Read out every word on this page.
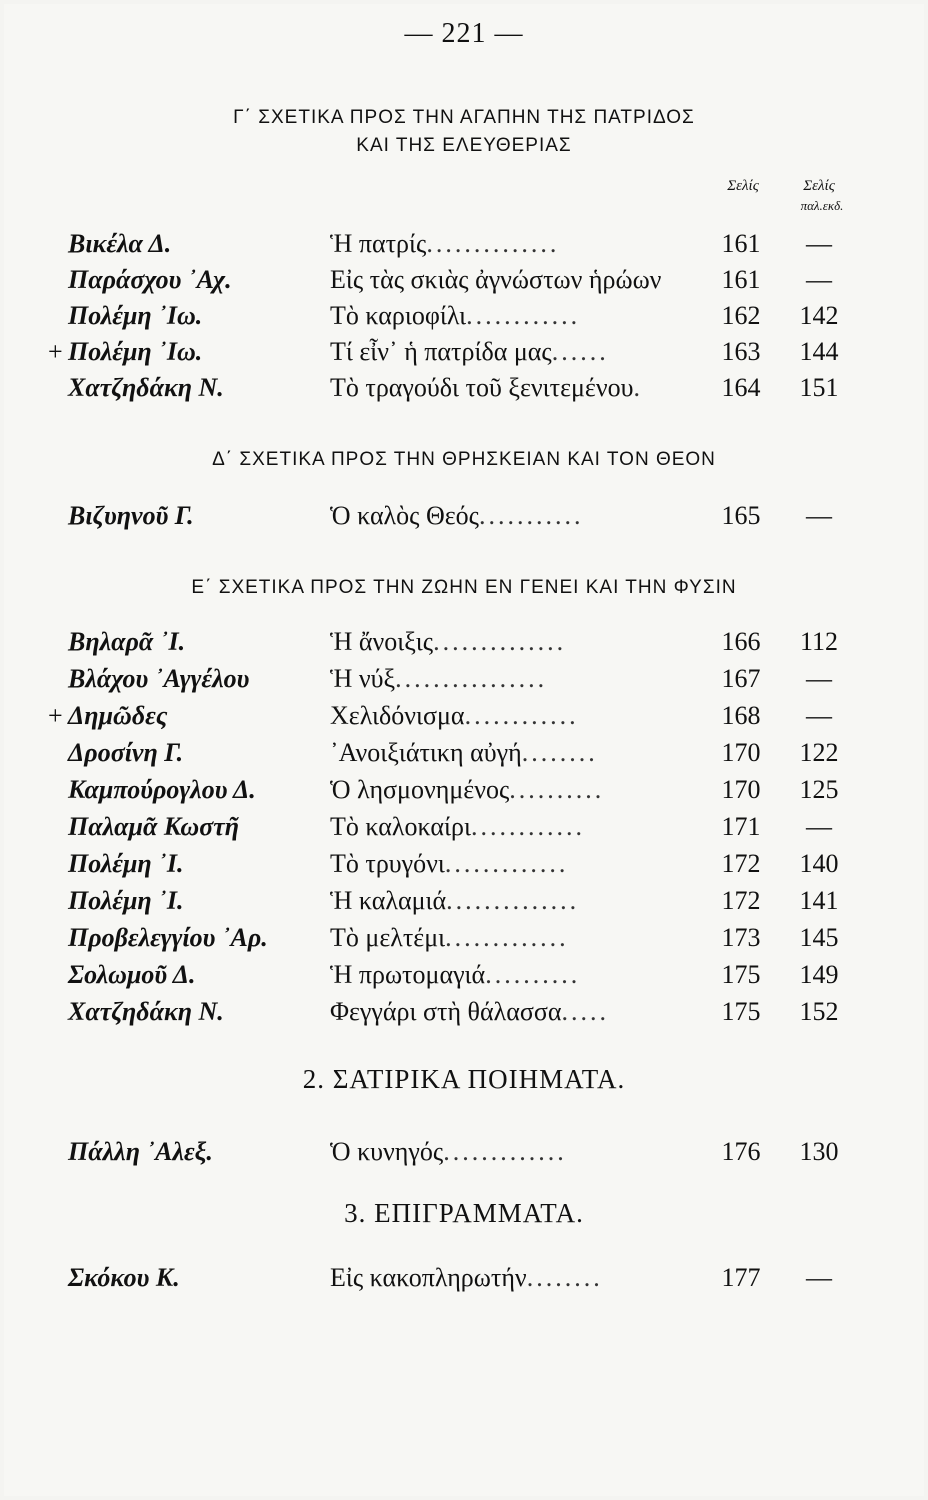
— 221 —
Γ΄ ΣΧΕΤΙΚΑ ΠΡΟΣ ΤΗΝ ΑΓΑΠΗΝ ΤΗΣ ΠΑΤΡΙΔΟΣ
ΚΑΙ ΤΗΣ ΕΛΕΥΘΕΡΙΑΣ
Σελίς	Σελίς
παλ.εκδ.
Βικέλα Δ.	Ἡ πατρίς..............	161	—
Παράσχου ᾿Αχ.	Εἰς τὰς σκιὰς ἀγνώστων ἡρώων	161	—
Πολέμη ᾿Ιω.	Τὸ καριοφίλι............	162	142
+ Πολέμη ᾿Ιω.	Τί εἶν᾿ ἡ πατρίδα μας......	163	144
Χατζηδάκη Ν.	Τὸ τραγούδι τοῦ ξενιτεμένου.	164	151
Δ΄ ΣΧΕΤΙΚΑ ΠΡΟΣ ΤΗΝ ΘΡΗΣΚΕΙΑΝ ΚΑΙ ΤΟΝ ΘΕΟΝ
Βιζυηνοῦ Γ.	Ὁ καλὸς Θεός...........	165	—
Ε΄ ΣΧΕΤΙΚΑ ΠΡΟΣ ΤΗΝ ΖΩΗΝ ΕΝ ΓΕΝΕΙ ΚΑΙ ΤΗΝ ΦΥΣΙΝ
Βηλαρᾶ ᾿Ι.	Ἡ ἄνοιξις..............	166	112
Βλάχου ᾿Αγγέλου	Ἡ νύξ................	167	—
+ Δημῶδες	Χελιδόνισμα............	168	—
Δροσίνη Γ.	᾿Ανοιξιάτικη αὐγή........	170	122
Καμπούρογλου Δ.	Ὁ λησμονημένος..........	170	125
Παλαμᾶ Κωστῆ	Τὸ καλοκαίρι............	171	—
Πολέμη ᾿Ι.	Τὸ τρυγόνι.............	172	140
Πολέμη ᾿Ι.	Ἡ καλαμιά..............	172	141
Προβελεγγίου ᾿Αρ.	Τὸ μελτέμι.............	173	145
Σολωμοῦ Δ.	Ἡ πρωτομαγιά..........	175	149
Χατζηδάκη Ν.	Φεγγάρι στὴ θάλασσα.....	175	152
2. ΣΑΤΙΡΙΚΑ ΠΟΙΗΜΑΤΑ.
Πάλλη ᾿Αλεξ.	Ὁ κυνηγός.............	176	130
3. ΕΠΙΓΡΑΜΜΑΤΑ.
Σκόκου Κ.	Εἰς κακοπληρωτήν........	177	—
